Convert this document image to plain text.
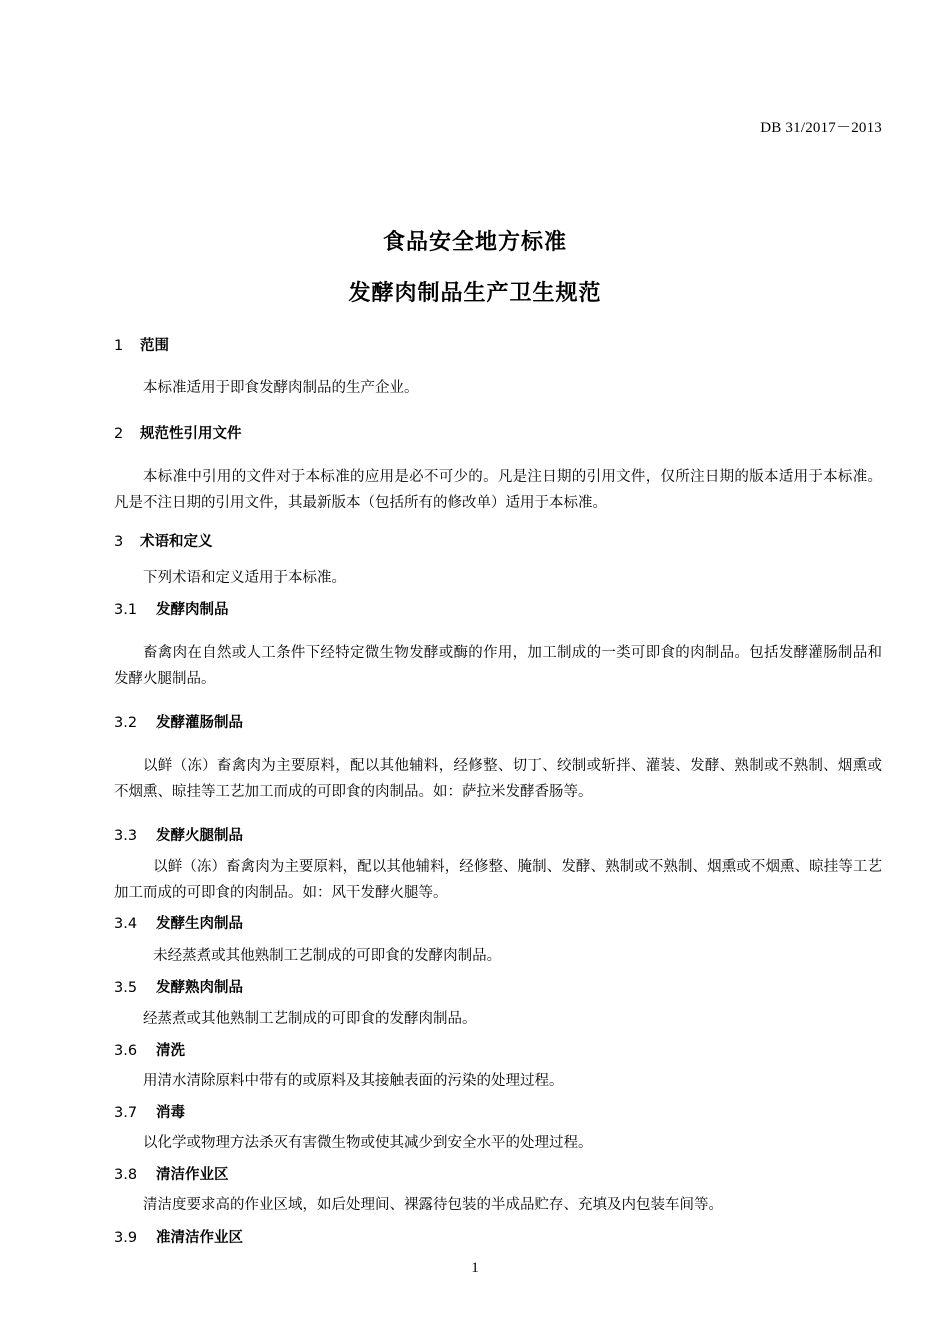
DB 31/2017－2013
食品安全地方标准
发酵肉制品生产卫生规范
1 范围
本标准适用于即食发酵肉制品的生产企业。
2 规范性引用文件
本标准中引用的文件对于本标准的应用是必不可少的。凡是注日期的引用文件，仅所注日期的版本适用于本标准。凡是不注日期的引用文件，其最新版本（包括所有的修改单）适用于本标准。
3 术语和定义
下列术语和定义适用于本标准。
3.1 发酵肉制品
畜禽肉在自然或人工条件下经特定微生物发酵或酶的作用，加工制成的一类可即食的肉制品。包括发酵灌肠制品和发酵火腿制品。
3.2 发酵灌肠制品
以鲜（冻）畜禽肉为主要原料，配以其他辅料，经修整、切丁、绞制或斩拌、灌装、发酵、熟制或不熟制、烟熏或不烟熏、晾挂等工艺加工而成的可即食的肉制品。如：萨拉米发酵香肠等。
3.3 发酵火腿制品
以鲜（冻）畜禽肉为主要原料，配以其他辅料，经修整、腌制、发酵、熟制或不熟制、烟熏或不烟熏、晾挂等工艺加工而成的可即食的肉制品。如：风干发酵火腿等。
3.4 发酵生肉制品
未经蒸煮或其他熟制工艺制成的可即食的发酵肉制品。
3.5 发酵熟肉制品
经蒸煮或其他熟制工艺制成的可即食的发酵肉制品。
3.6 清洗
用清水清除原料中带有的或原料及其接触表面的污染的处理过程。
3.7 消毒
以化学或物理方法杀灭有害微生物或使其减少到安全水平的处理过程。
3.8 清洁作业区
清洁度要求高的作业区域，如后处理间、裸露待包装的半成品贮存、充填及内包装车间等。
3.9 准清洁作业区
1
